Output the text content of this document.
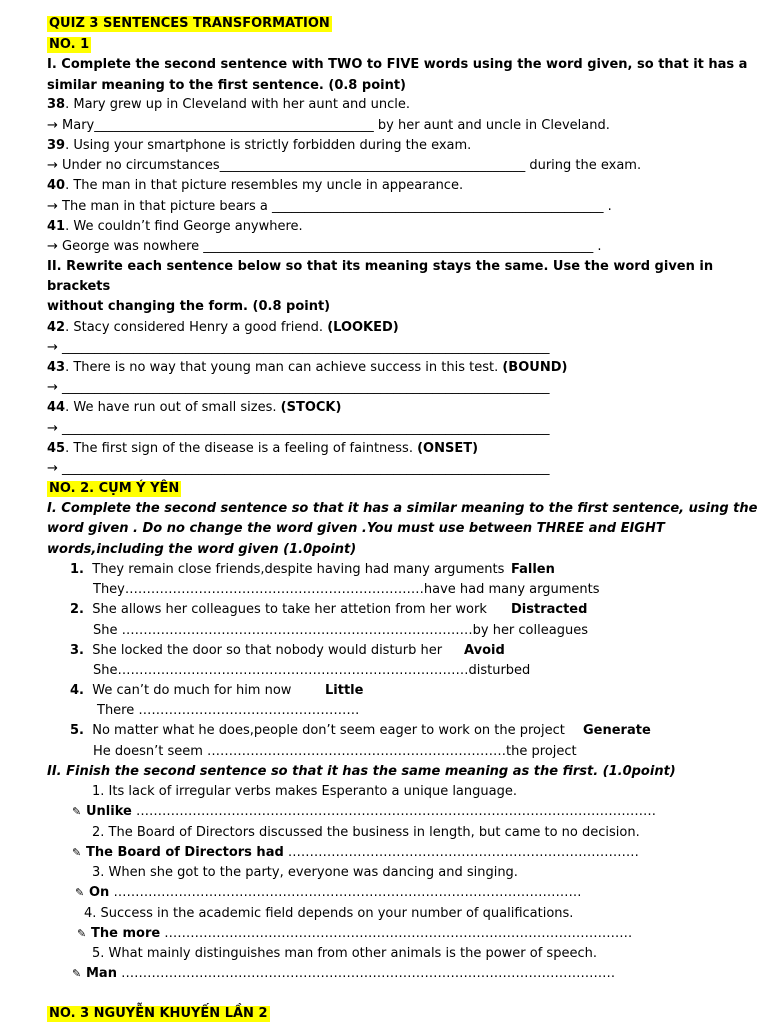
QUIZ 3 SENTENCES TRANSFORMATION
NO. 1
I. Complete the second sentence with TWO to FIVE words using the word given, so that it has a
similar meaning to the first sentence. (0.8 point)
38. Mary grew up in Cleveland with her aunt and uncle.
→ Mary___________________________________________ by her aunt and uncle in Cleveland.
39. Using your smartphone is strictly forbidden during the exam.
→ Under no circumstances_______________________________________________ during the exam.
40. The man in that picture resembles my uncle in appearance.
→ The man in that picture bears a ___________________________________________________ .
41. We couldn’t find George anywhere.
→ George was nowhere ____________________________________________________________ .
II. Rewrite each sentence below so that its meaning stays the same. Use the word given in
brackets
without changing the form. (0.8 point)
42. Stacy considered Henry a good friend. (LOOKED)
→ ___________________________________________________________________________
43. There is no way that young man can achieve success in this test. (BOUND)
→ ___________________________________________________________________________
44. We have run out of small sizes. (STOCK)
→ ___________________________________________________________________________
45. The first sign of the disease is a feeling of faintness. (ONSET)
→ ___________________________________________________________________________
NO. 2. CỤM Ý YÊN
I. Complete the second sentence so that it has a similar meaning to the first sentence, using the
word given . Do no change the word given .You must use between THREE and EIGHT
words,including the word given (1.0point)
1. They remain close friends,despite having had many arguments Fallen
They……………………………………………………………have had many arguments
2. She allows her colleagues to take her attetion from her work Distracted
She ………………………………………………………………………by her colleagues
3. She locked the door so that nobody would disturb her Avoid
She………………………………………………………………………disturbed
4. We can’t do much for him now	Little
There ……………………………………………
5. No matter what he does,people don’t seem eager to work on the project Generate
He doesn’t seem ……………………………………………………………the project
II. Finish the second sentence so that it has the same meaning as the first. (1.0point)
1. Its lack of irregular verbs makes Esperanto a unique language.
✎ Unlike …………………………………………………………………………………………………………
2. The Board of Directors discussed the business in length, but came to no decision.
✎ The Board of Directors had ………………………………………………………………………
3. When she got to the party, everyone was dancing and singing.
✎ On ………………………………………………………………………………………………
4. Success in the academic field depends on your number of qualifications.
✎ The more ………………………………………………………………………………………………
5. What mainly distinguishes man from other animals is the power of speech.
✎ Man ……………………………………………………………………………………………………
NO. 3 NGUYỄN KHUYẾN LẦN 2
